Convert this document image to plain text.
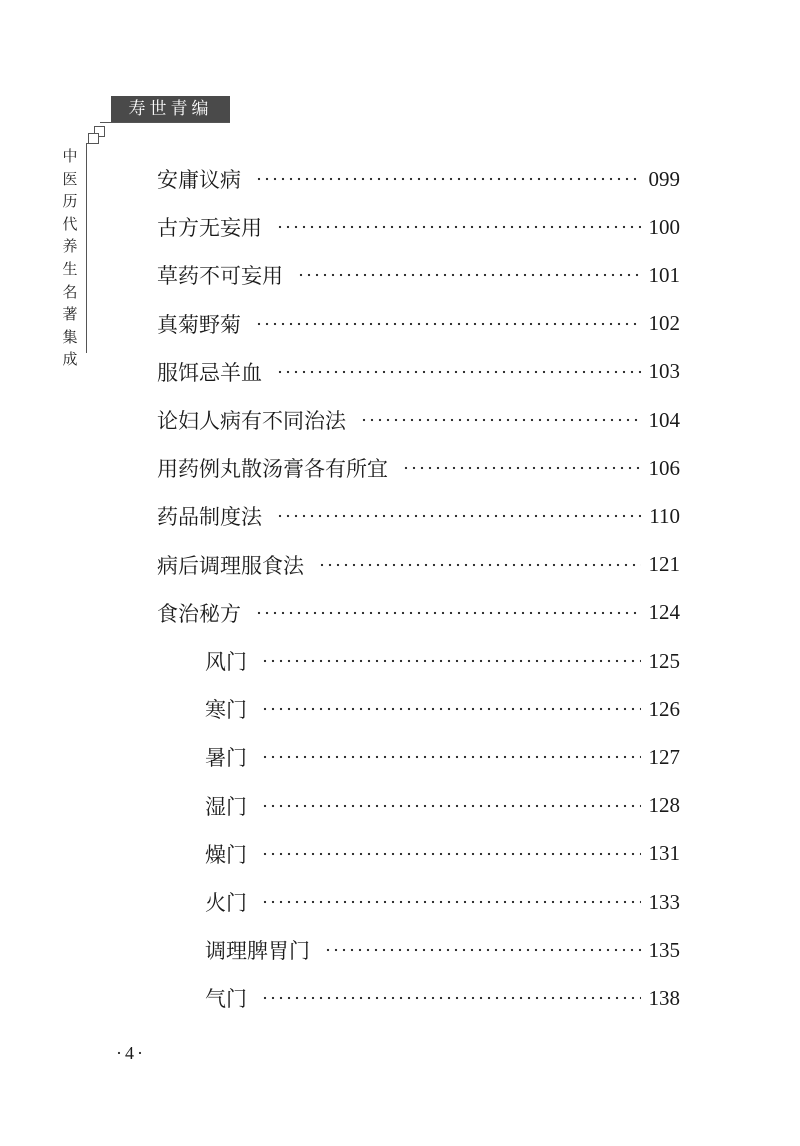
寿世青编
中
医
历
代
养
生
名
著
集
成
安庸议病	099
古方无妄用	100
草药不可妄用	101
真菊野菊	102
服饵忌羊血	103
论妇人病有不同治法	104
用药例丸散汤膏各有所宜	106
药品制度法	110
病后调理服食法	121
食治秘方	124
风门	125
寒门	126
暑门	127
湿门	128
燥门	131
火门	133
调理脾胃门	135
气门	138
·4·
